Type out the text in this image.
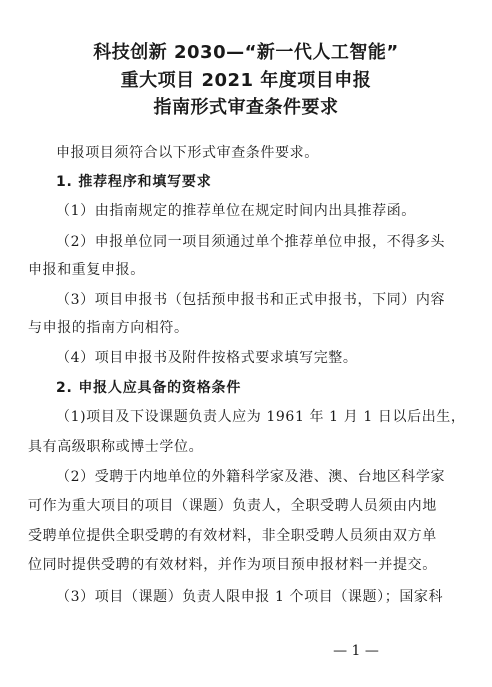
科技创新 2030—“新一代人工智能”
重大项目 2021 年度项目申报
指南形式审查条件要求
申报项目须符合以下形式审查条件要求。
1. 推荐程序和填写要求
（1）由指南规定的推荐单位在规定时间内出具推荐函。
（2）申报单位同一项目须通过单个推荐单位申报，不得多头
申报和重复申报。
（3）项目申报书（包括预申报书和正式申报书，下同）内容
与申报的指南方向相符。
（4）项目申报书及附件按格式要求填写完整。
2. 申报人应具备的资格条件
（1)项目及下设课题负责人应为 1961 年 1 月 1 日以后出生，
具有高级职称或博士学位。
（2）受聘于内地单位的外籍科学家及港、澳、台地区科学家
可作为重大项目的项目（课题）负责人，全职受聘人员须由内地
受聘单位提供全职受聘的有效材料，非全职受聘人员须由双方单
位同时提供受聘的有效材料，并作为项目预申报材料一并提交。
（3）项目（课题）负责人限申报 1 个项目（课题）；国家科
— 1 —
